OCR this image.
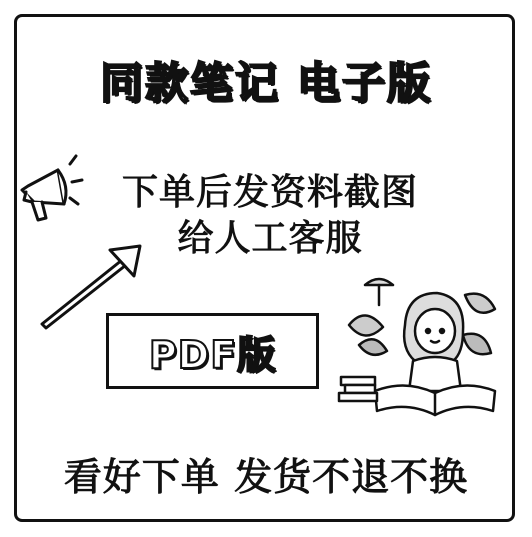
同款笔记 电子版
下单后发资料截图
给人工客服
PDF版
看好下单 发货不退不换
